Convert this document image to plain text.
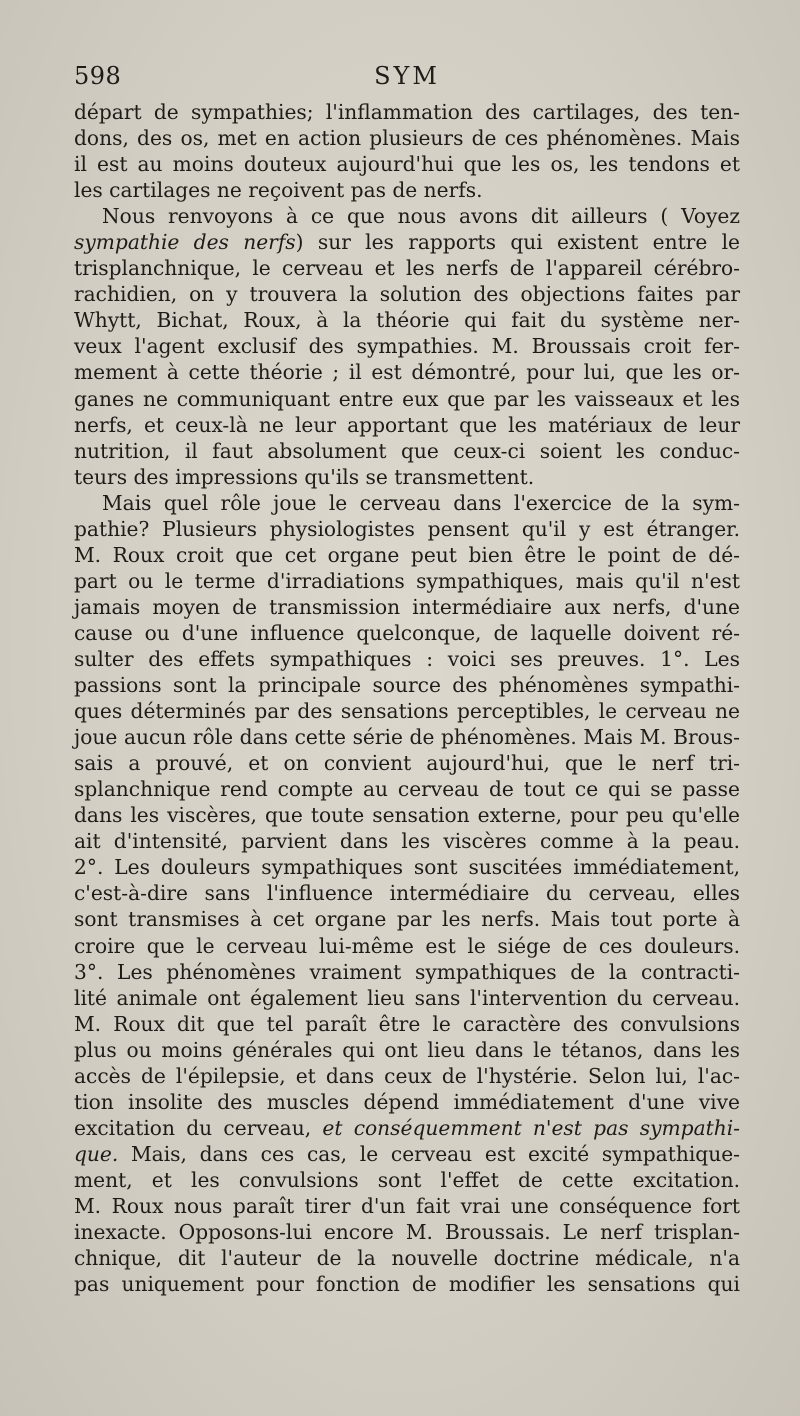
598	SYM
départ de sympathies; l'inflammation des cartilages, des ten-
dons, des os, met en action plusieurs de ces phénomènes. Mais
il est au moins douteux aujourd'hui que les os, les tendons et
les cartilages ne reçoivent pas de nerfs.
Nous renvoyons à ce que nous avons dit ailleurs ( Voyez
sympathie des nerfs) sur les rapports qui existent entre le
trisplanchnique, le cerveau et les nerfs de l'appareil cérébro-
rachidien, on y trouvera la solution des objections faites par
Whytt, Bichat, Roux, à la théorie qui fait du système ner-
veux l'agent exclusif des sympathies. M. Broussais croit fer-
mement à cette théorie ; il est démontré, pour lui, que les or-
ganes ne communiquant entre eux que par les vaisseaux et les
nerfs, et ceux-là ne leur apportant que les matériaux de leur
nutrition, il faut absolument que ceux-ci soient les conduc-
teurs des impressions qu'ils se transmettent.
Mais quel rôle joue le cerveau dans l'exercice de la sym-
pathie? Plusieurs physiologistes pensent qu'il y est étranger.
M. Roux croit que cet organe peut bien être le point de dé-
part ou le terme d'irradiations sympathiques, mais qu'il n'est
jamais moyen de transmission intermédiaire aux nerfs, d'une
cause ou d'une influence quelconque, de laquelle doivent ré-
sulter des effets sympathiques : voici ses preuves. 1°. Les
passions sont la principale source des phénomènes sympathi-
ques déterminés par des sensations perceptibles, le cerveau ne
joue aucun rôle dans cette série de phénomènes. Mais M. Brous-
sais a prouvé, et on convient aujourd'hui, que le nerf tri-
splanchnique rend compte au cerveau de tout ce qui se passe
dans les viscères, que toute sensation externe, pour peu qu'elle
ait d'intensité, parvient dans les viscères comme à la peau.
2°. Les douleurs sympathiques sont suscitées immédiatement,
c'est-à-dire sans l'influence intermédiaire du cerveau, elles
sont transmises à cet organe par les nerfs. Mais tout porte à
croire que le cerveau lui-même est le siége de ces douleurs.
3°. Les phénomènes vraiment sympathiques de la contracti-
lité animale ont également lieu sans l'intervention du cerveau.
M. Roux dit que tel paraît être le caractère des convulsions
plus ou moins générales qui ont lieu dans le tétanos, dans les
accès de l'épilepsie, et dans ceux de l'hystérie. Selon lui, l'ac-
tion insolite des muscles dépend immédiatement d'une vive
excitation du cerveau, et conséquemment n'est pas sympathi-
que. Mais, dans ces cas, le cerveau est excité sympathique-
ment, et les convulsions sont l'effet de cette excitation.
M. Roux nous paraît tirer d'un fait vrai une conséquence fort
inexacte. Opposons-lui encore M. Broussais. Le nerf trisplan-
chnique, dit l'auteur de la nouvelle doctrine médicale, n'a
pas uniquement pour fonction de modifier les sensations qui
